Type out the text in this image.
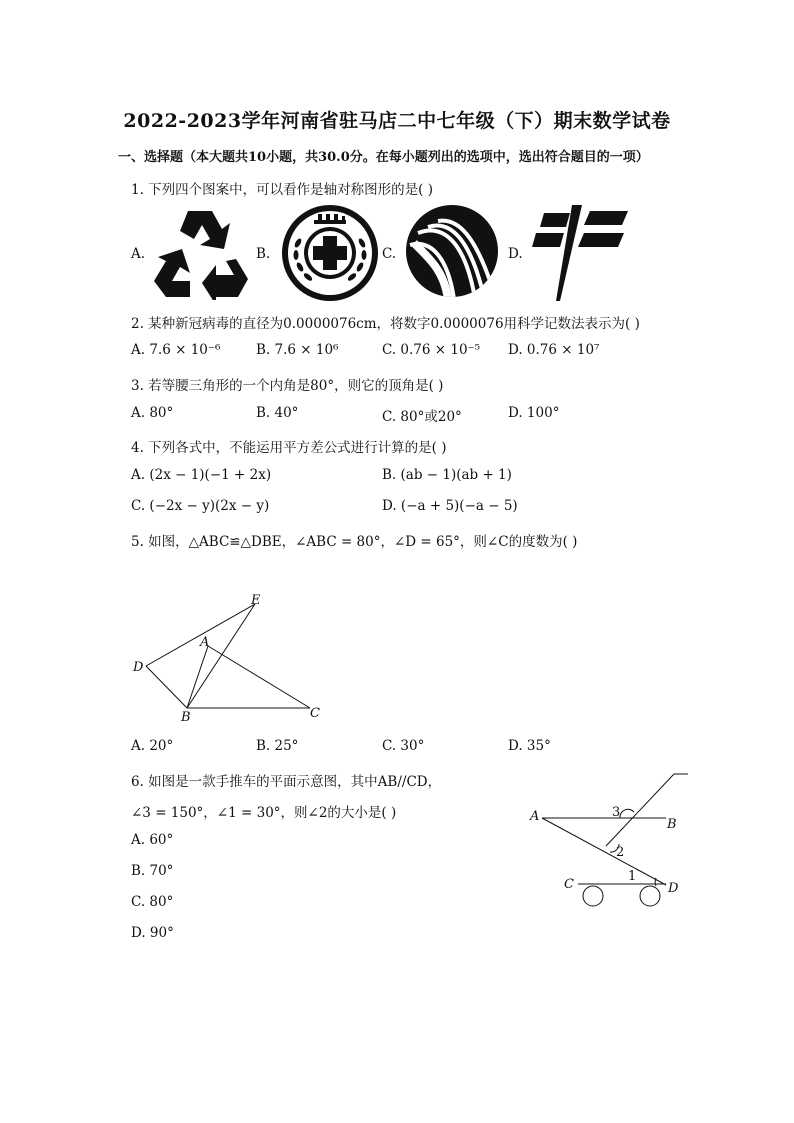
2022-2023学年河南省驻马店二中七年级（下）期末数学试卷
一、选择题（本大题共10小题，共30.0分。在每小题列出的选项中，选出符合题目的一项）
1. 下列四个图案中，可以看作是轴对称图形的是( )
A.	B.	C.	D.
2. 某种新冠病毒的直径为0.0000076cm，将数字0.0000076用科学记数法表示为( )
A. 7.6 × 10⁻⁶	B. 7.6 × 10⁶	C. 0.76 × 10⁻⁵ D. 0.76 × 10⁷
3. 若等腰三角形的一个内角是80°，则它的顶角是( )
A. 80°	B. 40°	C. 80°或20°	D. 100°
4. 下列各式中，不能运用平方差公式进行计算的是( )
A. (2x − 1)(−1 + 2x)	B. (ab − 1)(ab + 1)
C. (−2x − y)(2x − y)	D. (−a + 5)(−a − 5)
5. 如图，△ABC≌△DBE，∠ABC = 80°，∠D = 65°，则∠C的度数为( )
E
A
D
B	C
A. 20°	B. 25°	C. 30°	D. 35°
6. 如图是一款手推车的平面示意图，其中AB//CD，
∠3 = 150°，∠1 = 30°，则∠2的大小是( )
A. 60°
B. 70°
C. 80°
D. 90°
A	3
B
2
C
1
D
